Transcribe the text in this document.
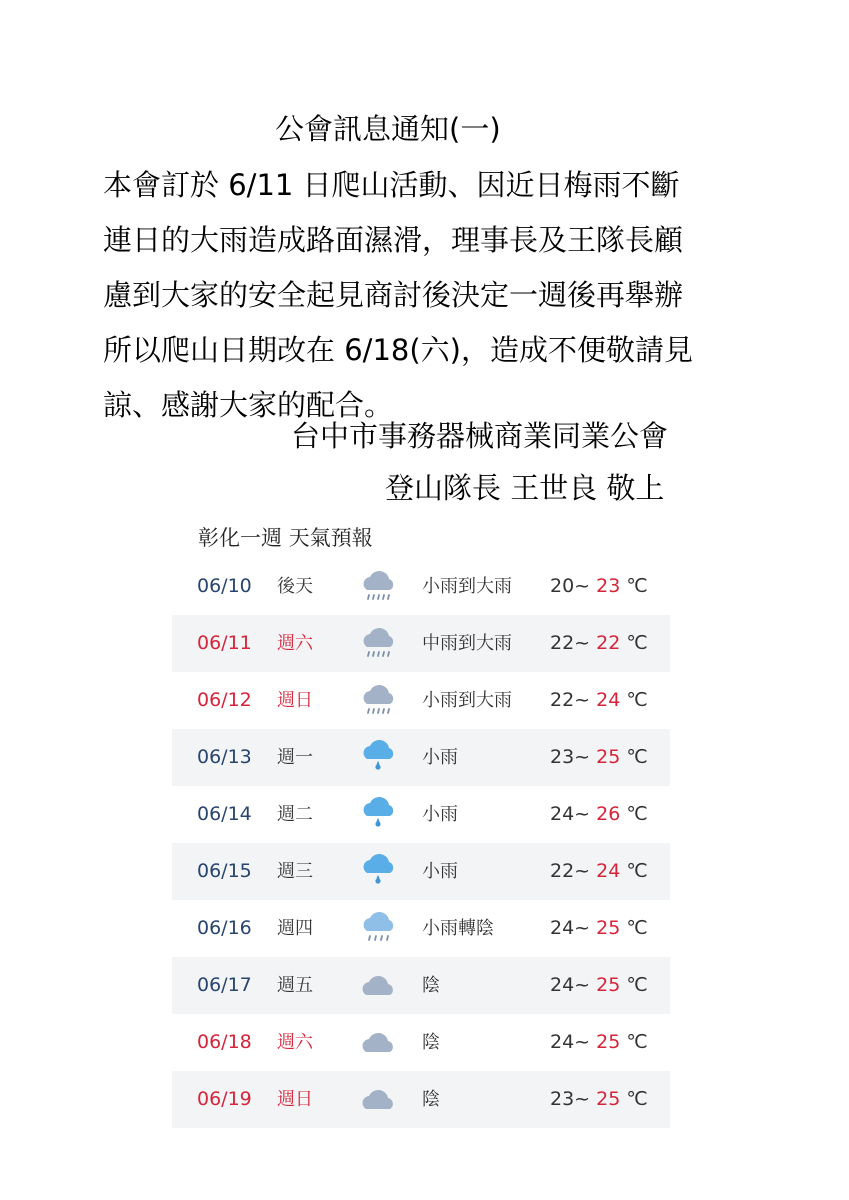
公會訊息通知(一)
本會訂於 6/11 日爬山活動、因近日梅雨不斷
連日的大雨造成路面濕滑，理事長及王隊長顧
慮到大家的安全起見商討後決定一週後再舉辦
所以爬山日期改在 6/18(六)，造成不便敬請見
諒、感謝大家的配合。
台中市事務器械商業同業公會
登山隊長 王世良 敬上
彰化一週 天氣預報
06/10 後天	小雨到大雨 20~ 23 ℃
06/11 週六	中雨到大雨 22~ 22 ℃
06/12 週日	小雨到大雨 22~ 24 ℃
06/13 週一	小雨	23~ 25 ℃
06/14 週二	小雨	24~ 26 ℃
06/15 週三	小雨	22~ 24 ℃
06/16 週四	小雨轉陰	24~ 25 ℃
06/17 週五	陰	24~ 25 ℃
06/18 週六	陰	24~ 25 ℃
06/19 週日	陰	23~ 25 ℃
